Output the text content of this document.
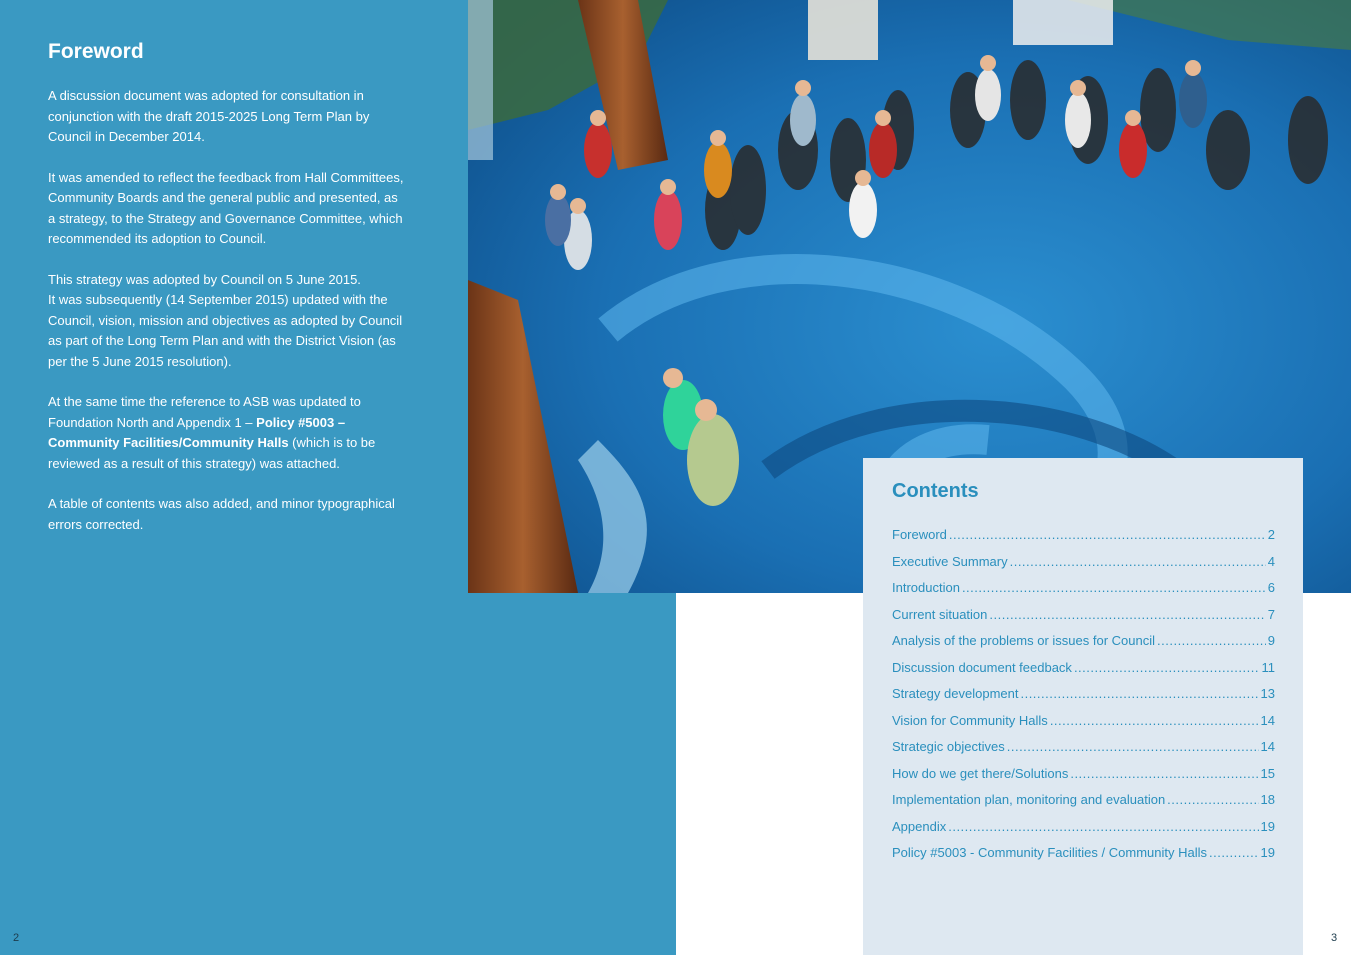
Foreword

A discussion document was adopted for consultation in conjunction with the draft 2015-2025 Long Term Plan by Council in December 2014.

It was amended to reflect the feedback from Hall Committees, Community Boards and the general public and presented, as a strategy, to the Strategy and Governance Committee, which recommended its adoption to Council.

This strategy was adopted by Council on 5 June 2015.
It was subsequently (14 September 2015) updated with the Council, vision, mission and objectives as adopted by Council as part of the Long Term Plan and with the District Vision (as per the 5 June 2015 resolution).

At the same time the reference to ASB was updated to Foundation North and Appendix 1 – Policy #5003 – Community Facilities/Community Halls (which is to be reviewed as a result of this strategy) was attached.

A table of contents was also added, and minor typographical errors corrected.

Contents
Foreword .....	2
Executive Summary .....	4
Introduction .....	6
Current situation .....	7
Analysis of the problems or issues for Council .....	9
Discussion document feedback .....	11
Strategy development .....	13
Vision for Community Halls .....	14
Strategic objectives .....	14
How do we get there/Solutions .....	15
Implementation plan, monitoring and evaluation .....	18
Appendix .....	19
Policy #5003 - Community Facilities / Community Halls .....	19
2	3
